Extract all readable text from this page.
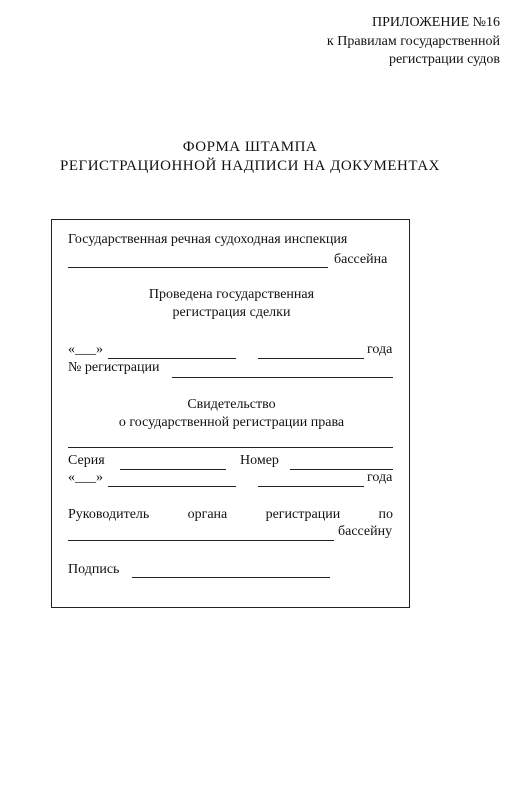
ПРИЛОЖЕНИЕ №16
к Правилам государственной
регистрации судов
ФОРМА ШТАМПА
РЕГИСТРАЦИОННОЙ НАДПИСИ НА ДОКУМЕНТАХ
Государственная речная судоходная инспекция
бассейна
Проведена государственная
регистрация сделки
«___»	года
№ регистрации
Свидетельство
о государственной регистрации права
Серия	Номер
«___»	года
Руководитель органа регистрации по
бассейну
Подпись
